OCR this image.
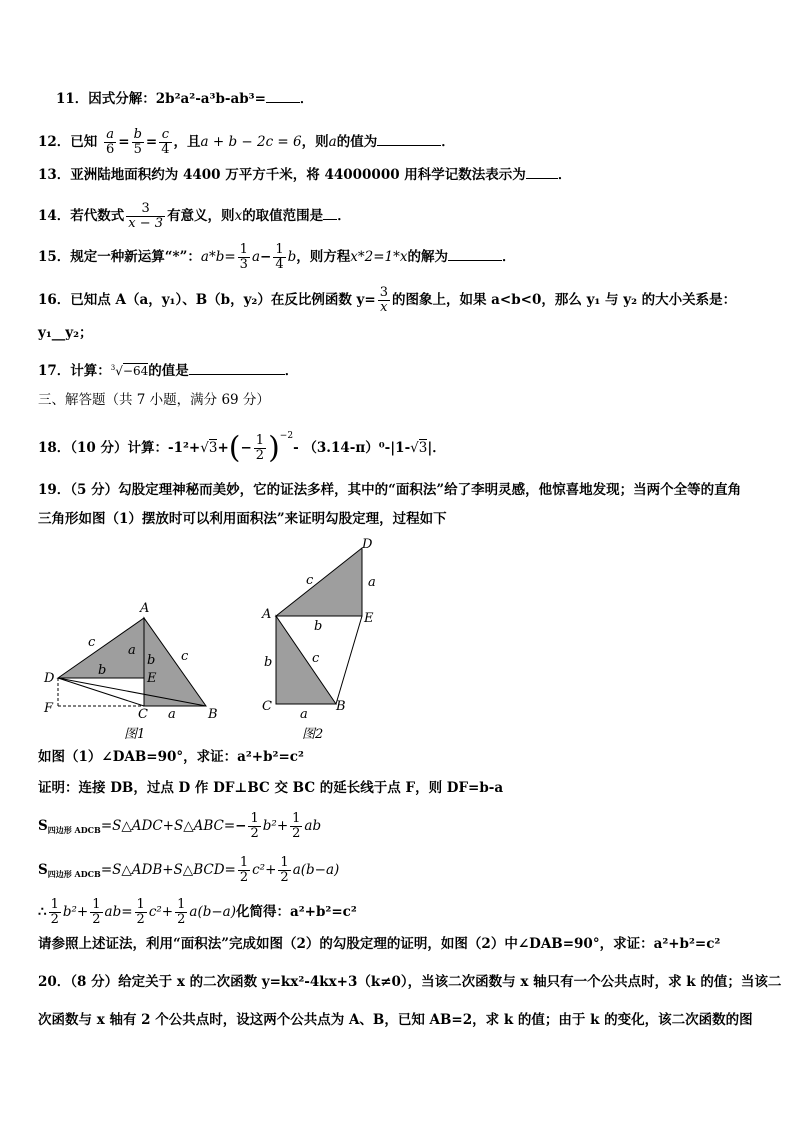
11．因式分解：2b²a²-a³b-ab³=	．
12．已知 $\frac{a}{6} = \frac{b}{5} = \frac{c}{4}$ ，且a + b − 2c = 6，则a的值为	．
13．亚洲陆地面积约为 4400 万平方千米，将 44000000 用科学记数法表示为 ．
14．若代数式 $\frac{3}{x - 3}$ 有意义，则x的取值范围是 ．
15．规定一种新运算“*”：$a*b= \frac{1}{3} a- \frac{1}{4}$ b，则方程x*2=1*x的解为	．
16．已知点 A（a，y₁）、B（b，y₂）在反比例函数 $y= \frac{3}{x}$ 的图象上，如果 a<b<0，那么 y₁ 与 y₂ 的大小关系是：
y₁__y₂；
17．计算：$^3$√−64的值是	．
三、解答题（共 7 小题，满分 69 分）
18．（10 分）计算：$-1^2+√3+(- \frac{1}{2} )^{-2}-$ （3.14-π）⁰-|1-√3|．
19．（5 分）勾股定理神秘而美妙，它的证法多样，其中的“面积法”给了李明灵感，他惊喜地发现；当两个全等的直角
三角形如图（1）摆放时可以利用面积法”来证明勾股定理，过程如下
A
B
C
D	E
F
c
a
b
b c
a
图1
D
A	E
C	B
c	a
b
b	c
a
图2
如图（1）∠DAB=90°，求证：a²+b²=c²
证明：连接 DB，过点 D 作 DF⊥BC 交 BC 的延长线于点 F，则 DF=b-a
$S_{四边形 ADCB}=S\triangle ADC+S\triangle ABC=- \frac{1}{2} b^2+ \frac{1}{2}$ ab
$S_{四边形 ADCB}=S\triangle ADB+S\triangle BCD= \frac{1}{2} c^2+ \frac{1}{2} a(b-a)$
∴ $\frac{1}{2} b^2+ \frac{1}{2} ab= \frac{1}{2} c^2+ \frac{1}{2} a(b-a)$化简得：a²+b²=c²
请参照上述证法，利用“面积法”完成如图（2）的勾股定理的证明，如图（2）中∠DAB=90°，求证：a²+b²=c²
20．（8 分）给定关于 x 的二次函数 y=kx²-4kx+3（k≠0），当该二次函数与 x 轴只有一个公共点时，求 k 的值；当该二
次函数与 x 轴有 2 个公共点时，设这两个公共点为 A、B，已知 AB=2，求 k 的值；由于 k 的变化，该二次函数的图
